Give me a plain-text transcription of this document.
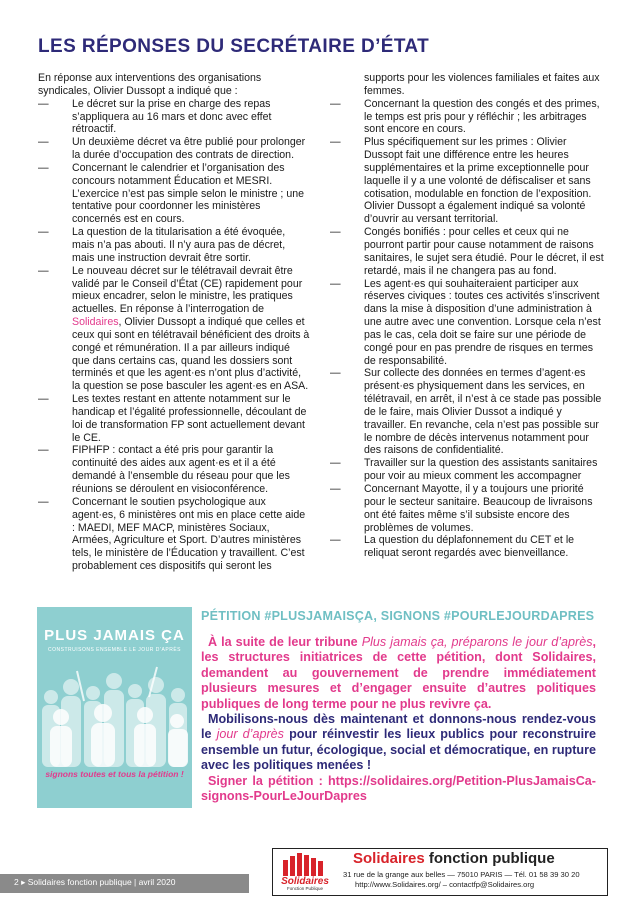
LES RÉPONSES DU SECRÉTAIRE D’ÉTAT

En réponse aux interventions des organisations syndicales, Olivier Dussopt a indiqué que :

— Le décret sur la prise en charge des repas s’appliquera au 16 mars et donc avec effet rétroactif.
— Un deuxième décret va être publié pour prolonger la durée d’occupation des contrats de direction.
— Concernant le calendrier et l’organisation des concours notamment Éducation et MESRI. L’exercice n’est pas simple selon le ministre ; une tentative pour coordonner les ministères concernés est en cours.
— La question de la titularisation a été évoquée, mais n’a pas abouti. Il n’y aura pas de décret, mais une instruction devrait être sortir.
— Le nouveau décret sur le télétravail devrait être validé par le Conseil d’État (CE) rapidement pour mieux encadrer, selon le ministre, les pratiques actuelles. En réponse à l’interrogation de Solidaires, Olivier Dussopt a indiqué que celles et ceux qui sont en télétravail bénéficient des droits à congé et rémunération. Il a par ailleurs indiqué que dans certains cas, quand les dossiers sont terminés et que les agent·es n’ont plus d’activité, la question se pose basculer les agent·es en ASA.
— Les textes restant en attente notamment sur le handicap et l’égalité professionnelle, découlant de loi de transformation FP sont actuellement devant le CE.
— FIPHFP : contact a été pris pour garantir la continuité des aides aux agent·es et il a été demandé à l’ensemble du réseau pour que les réunions se déroulent en visioconférence.
— Concernant le soutien psychologique aux agent·es, 6 ministères ont mis en place cette aide : MAEDI, MEF MACP, ministères Sociaux, Armées, Agriculture et Sport. D’autres ministères tels, le ministère de l’Éducation y travaillent. C’est probablement ces dispositifs qui seront les
supports pour les violences familiales et faites aux femmes.
— Concernant la question des congés et des primes, le temps est pris pour y réfléchir ; les arbitrages sont encore en cours.
— Plus spécifiquement sur les primes : Olivier Dussopt fait une différence entre les heures supplémentaires et la prime exceptionnelle pour laquelle il y a une volonté de défiscaliser et sans cotisation, modulable en fonction de l’exposition. Olivier Dussopt a également indiqué sa volonté d’ouvrir au versant territorial.
— Congés bonifiés : pour celles et ceux qui ne pourront partir pour cause notamment de raisons sanitaires, le sujet sera étudié. Pour le décret, il est retardé, mais il ne changera pas au fond.
— Les agent·es qui souhaiteraient participer aux réserves civiques : toutes ces activités s’inscrivent dans la mise à disposition d’une administration à une autre avec une convention. Lorsque cela n’est pas le cas, cela doit se faire sur une période de congé pour en pas prendre de risques en termes de responsabilité.
— Sur collecte des données en termes d’agent·es présent·es physiquement dans les services, en télétravail, en arrêt, il n’est à ce stade pas possible de le faire, mais Olivier Dussot a indiqué y travailler. En revanche, cela n’est pas possible sur le nombre de décès intervenus notamment pour des raisons de confidentialité.
— Travailler sur la question des assistants sanitaires pour voir au mieux comment les accompagner
— Concernant Mayotte, il y a toujours une priorité pour le secteur sanitaire. Beaucoup de livraisons ont été faites même s’il subsiste encore des problèmes de volumes.
— La question du déplafonnement du CET et le reliquat seront regardés avec bienveillance.
PLUS JAMAIS ÇA
CONSTRUISONS ENSEMBLE LE JOUR D’APRÈS
signons toutes et tous la pétition !
PÉTITION #PLUSJAMAISÇA, SIGNONS #POURLEJOURDAPRES

À la suite de leur tribune Plus jamais ça, préparons le jour d’après, les structures initiatrices de cette pétition, dont Solidaires, demandent au gouvernement de prendre immédiatement plusieurs mesures et d’engager ensuite d’autres politiques publiques de long terme pour ne plus revivre ça.

Mobilisons-nous dès maintenant et donnons-nous rendez-vous le jour d’après pour réinvestir les lieux publics pour reconstruire ensemble un futur, écologique, social et démocratique, en rupture avec les politiques menées !

Signer la pétition : https://solidaires.org/Petition-PlusJamaisCa-signons-PourLeJourDapres

2 ▸ Solidaires fonction publique | avril 2020	Solidaires
Fonction Publique
Solidaires fonction publique
31 rue de la grange aux belles — 75010 PARIS — Tél. 01 58 39 30 20
http://www.Solidaires.org/ – contactfp@Solidaires.org
